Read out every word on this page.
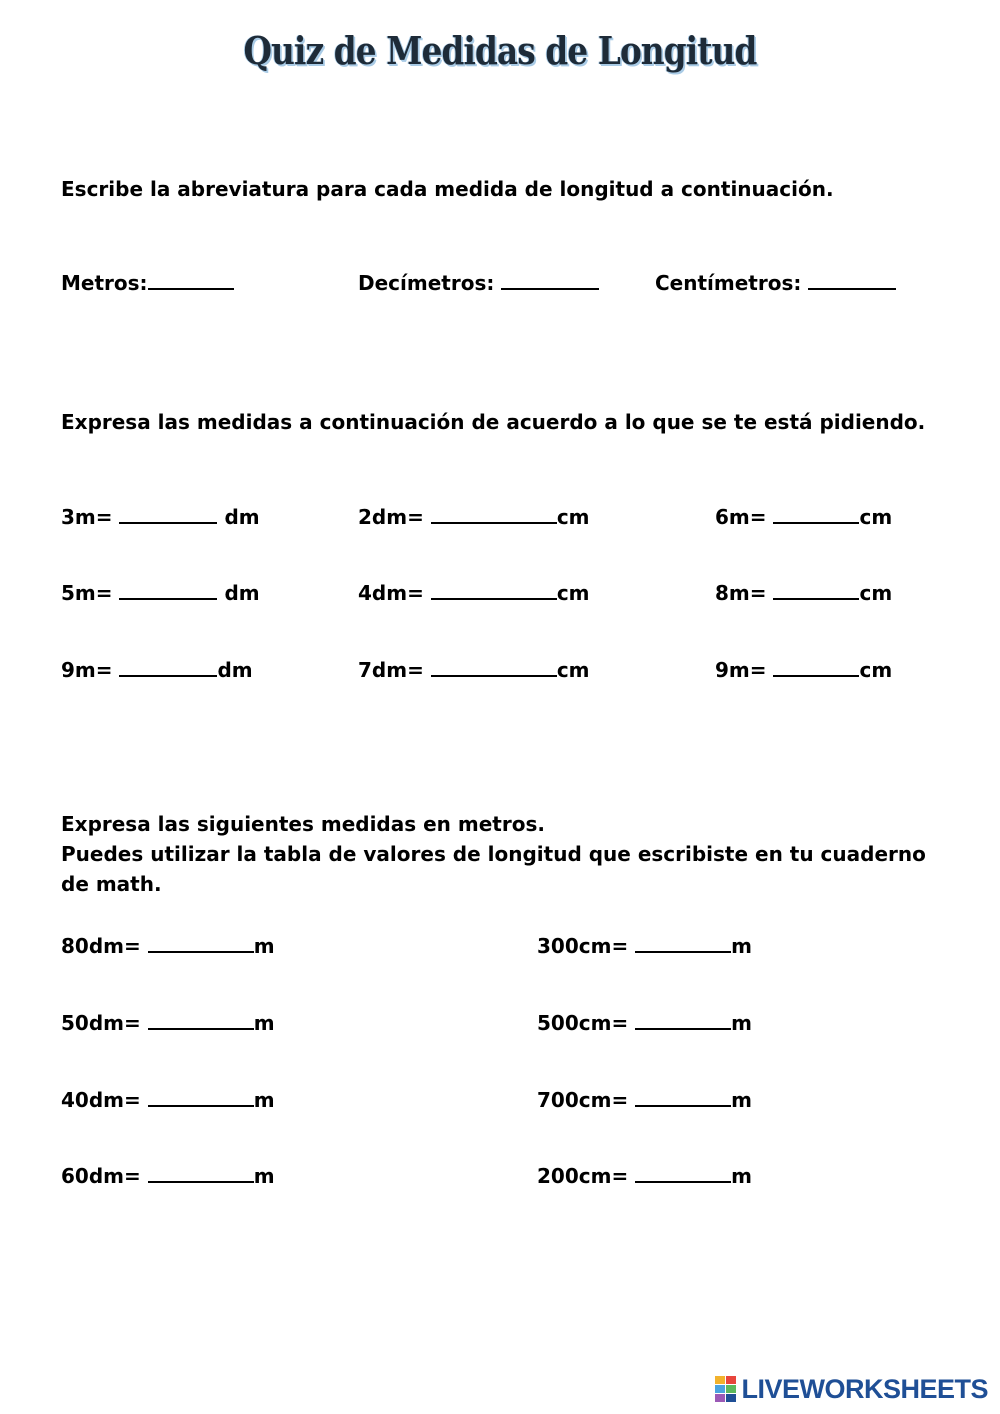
Quiz de Medidas de Longitud
Escribe la abreviatura para cada medida de longitud a continuación.
Metros:	Decímetros:	Centímetros:
Expresa las medidas a continuación de acuerdo a lo que se te está pidiendo.
3m=	dm	2dm=	cm	6m=	cm
5m=	dm	4dm=	cm	8m=	cm
9m=	dm	7dm=	cm	9m=	cm
Expresa las siguientes medidas en metros.
Puedes utilizar la tabla de valores de longitud que escribiste en tu cuaderno
de math.
80dm=	m	300cm=	m
50dm=	m	500cm=	m
40dm=	m	700cm=	m
60dm=	m	200cm=	m
LIVEWORKSHEETS
